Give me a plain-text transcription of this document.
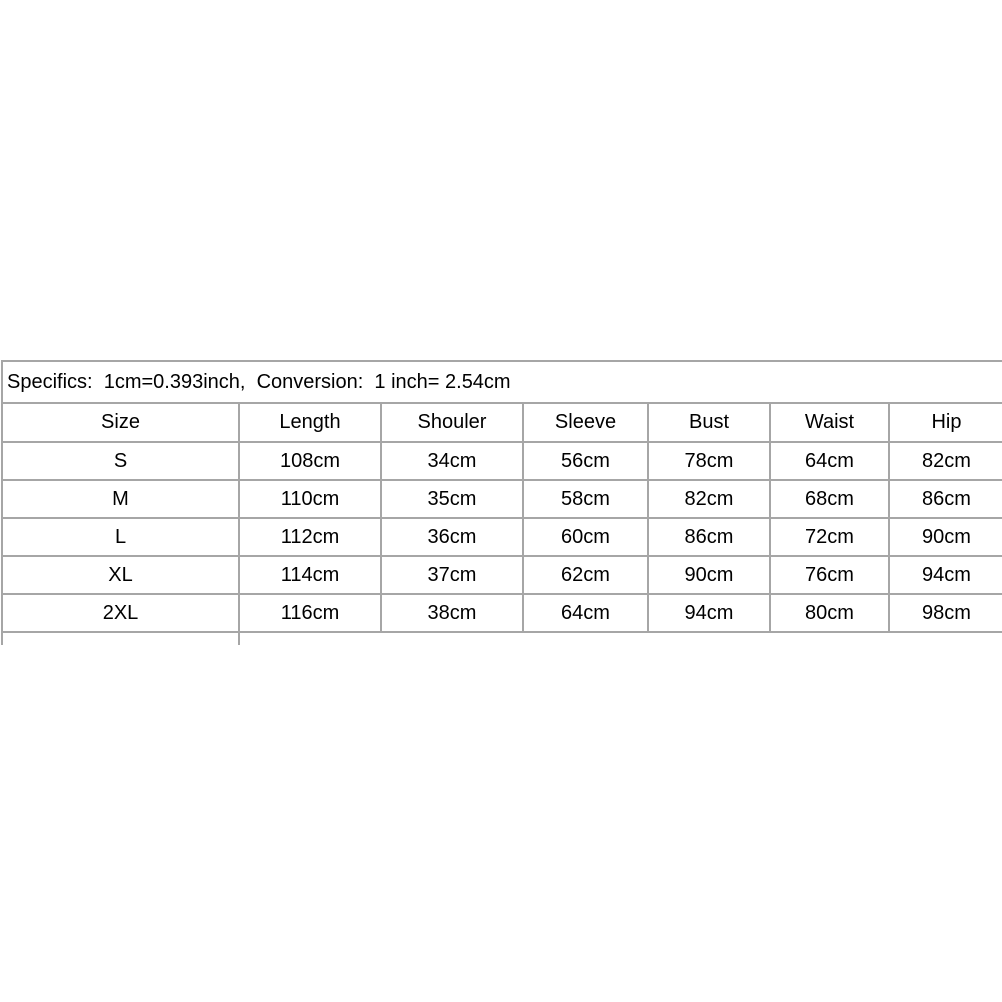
Specifics:  1cm=0.393inch,  Conversion:  1 inch= 2.54cm						
Size	Length	Shouler	Sleeve	Bust	Waist	Hip
S	108cm	34cm	56cm	78cm	64cm	82cm
M	110cm	35cm	58cm	82cm	68cm	86cm
L	112cm	36cm	60cm	86cm	72cm	90cm
XL	114cm	37cm	62cm	90cm	76cm	94cm
2XL	116cm	38cm	64cm	94cm	80cm	98cm
